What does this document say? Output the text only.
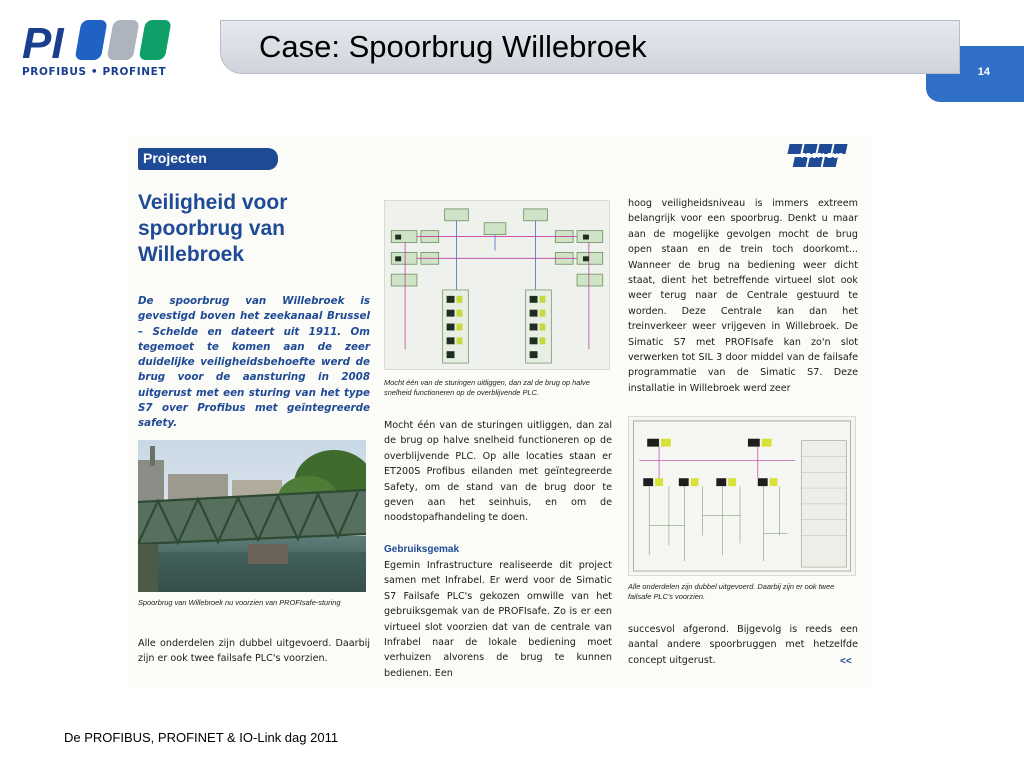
PI
PROFIBUS • PROFINET	14
Case: Spoorbrug Willebroek
Projecten	PROFI BUS
Veiligheid voor spoorbrug van Willebroek
De spoorbrug van Willebroek is gevestigd boven het zeekanaal Brussel – Schelde en dateert uit 1911. Om tegemoet te komen aan de zeer duidelijke veiligheidsbehoefte werd de brug voor de aansturing in 2008 uitgerust met een sturing van het type S7 over Profibus met geïntegreerde safety.
Spoorbrug van Willebroek nu voorzien van PROFIsafe-sturing
Alle onderdelen zijn dubbel uitgevoerd. Daarbij zijn er ook twee failsafe PLC's voorzien.
Mocht één van de sturingen uitliggen, dan zal de brug op halve snelheid functioneren op de overblijvende PLC.
Mocht één van de sturingen uitliggen, dan zal de brug op halve snelheid functioneren op de overblijvende PLC. Op alle locaties staan er ET200S Profibus eilanden met geïntegreerde Safety, om de stand van de brug door te geven aan het seinhuis, en om de noodstopafhandeling te doen.
Gebruiksgemak
Egemin Infrastructure realiseerde dit project samen met Infrabel. Er werd voor de Simatic S7 Failsafe PLC's gekozen omwille van het gebruiksgemak van de PROFIsafe. Zo is er een virtueel slot voorzien dat van de centrale van Infrabel naar de lokale bediening moet verhuizen alvorens de brug te kunnen bedienen. Een
hoog veiligheidsniveau is immers extreem belangrijk voor een spoorbrug. Denkt u maar aan de mogelijke gevolgen mocht de brug open staan en de trein toch doorkomt... Wanneer de brug na bediening weer dicht staat, dient het betreffende virtueel slot ook weer terug naar de Centrale gestuurd te worden. Deze Centrale kan dan het treinverkeer weer vrijgeven in Willebroek. De Simatic S7 met PROFIsafe kan zo'n slot verwerken tot SIL 3 door middel van de failsafe programmatie van de Simatic S7. Deze installatie in Willebroek werd zeer
Alle onderdelen zijn dubbel uitgevoerd. Daarbij zijn er ook twee failsafe PLC's voorzien.
succesvol afgerond. Bijgevolg is reeds een aantal andere spoorbruggen met hetzelfde concept uitgerust.	<<
De PROFIBUS, PROFINET & IO-Link dag 2011
